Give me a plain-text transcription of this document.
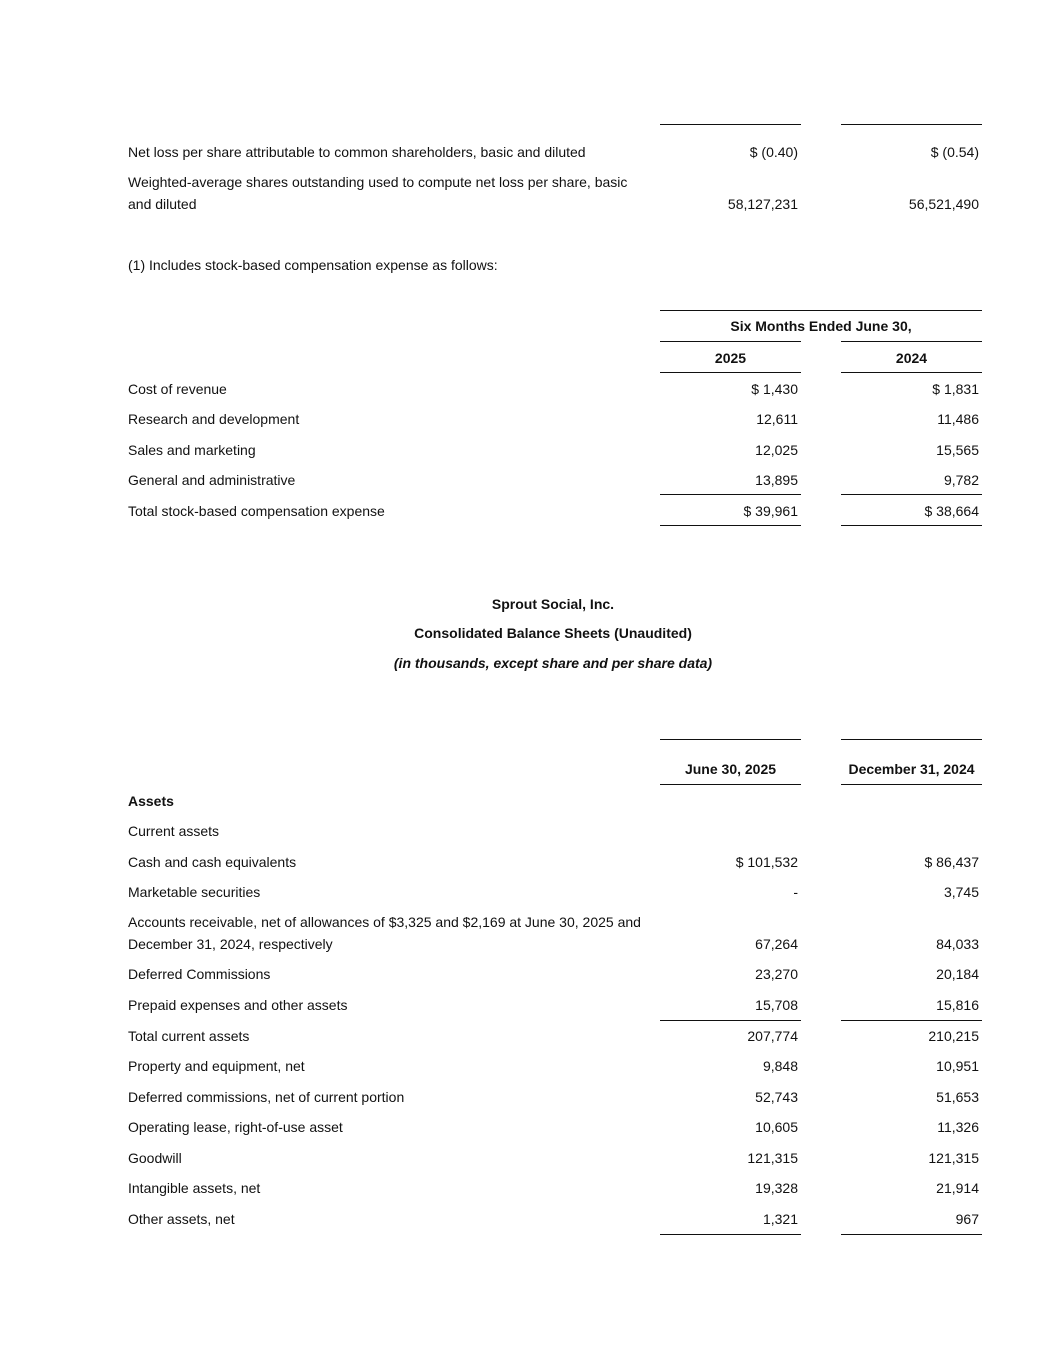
Net loss per share attributable to common shareholders, basic and diluted	$ (0.40)	$ (0.54)
Weighted-average shares outstanding used to compute net loss per share, basic
and diluted	58,127,231	56,521,490
(1) Includes stock-based compensation expense as follows:
Six Months Ended June 30,
2025	2024
Cost of revenue	$ 1,430	$ 1,831
Research and development	12,611	11,486
Sales and marketing	12,025	15,565
General and administrative	13,895	9,782
Total stock-based compensation expense	$ 39,961	$ 38,664
Sprout Social, Inc.
Consolidated Balance Sheets (Unaudited)
(in thousands, except share and per share data)
June 30, 2025	December 31, 2024
Assets
Current assets
Cash and cash equivalents	$ 101,532	$ 86,437
Marketable securities	-	3,745
Accounts receivable, net of allowances of $3,325 and $2,169 at June 30, 2025 and
December 31, 2024, respectively	67,264	84,033
Deferred Commissions	23,270	20,184
Prepaid expenses and other assets	15,708	15,816
Total current assets	207,774	210,215
Property and equipment, net	9,848	10,951
Deferred commissions, net of current portion	52,743	51,653
Operating lease, right-of-use asset	10,605	11,326
Goodwill	121,315	121,315
Intangible assets, net	19,328	21,914
Other assets, net	1,321	967
